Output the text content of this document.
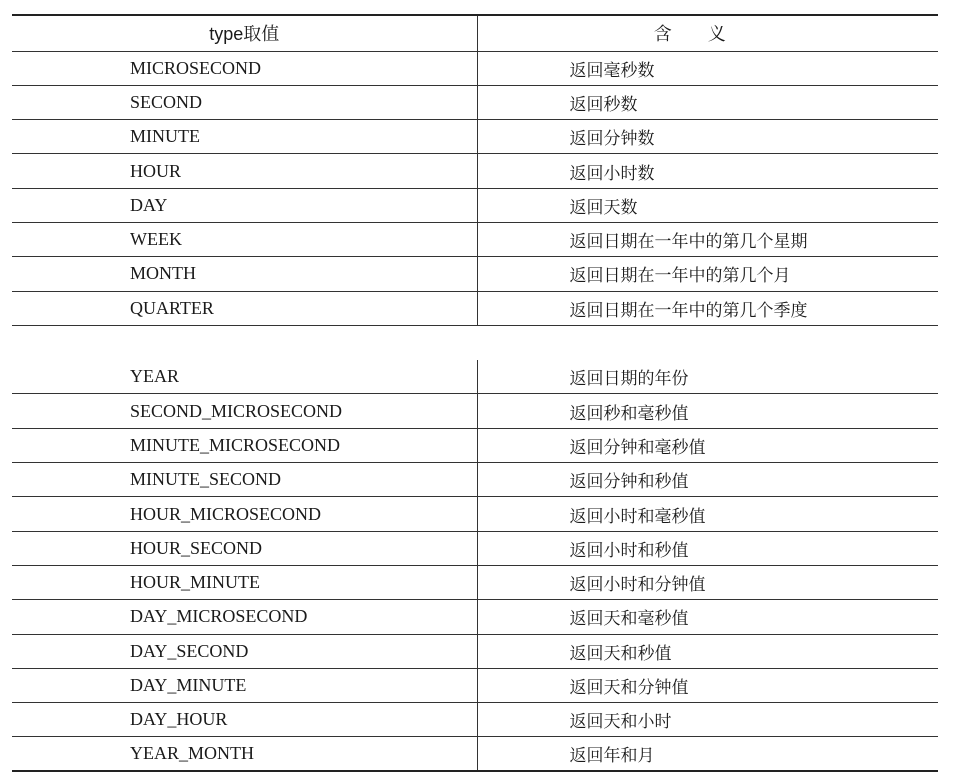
type取值	含义
MICROSECOND	返回毫秒数
SECOND	返回秒数
MINUTE	返回分钟数
HOUR	返回小时数
DAY	返回天数
WEEK	返回日期在一年中的第几个星期
MONTH	返回日期在一年中的第几个月
QUARTER	返回日期在一年中的第几个季度

YEAR	返回日期的年份
SECOND_MICROSECOND	返回秒和毫秒值
MINUTE_MICROSECOND	返回分钟和毫秒值
MINUTE_SECOND	返回分钟和秒值
HOUR_MICROSECOND	返回小时和毫秒值
HOUR_SECOND	返回小时和秒值
HOUR_MINUTE	返回小时和分钟值
DAY_MICROSECOND	返回天和毫秒值
DAY_SECOND	返回天和秒值
DAY_MINUTE	返回天和分钟值
DAY_HOUR	返回天和小时
YEAR_MONTH	返回年和月
